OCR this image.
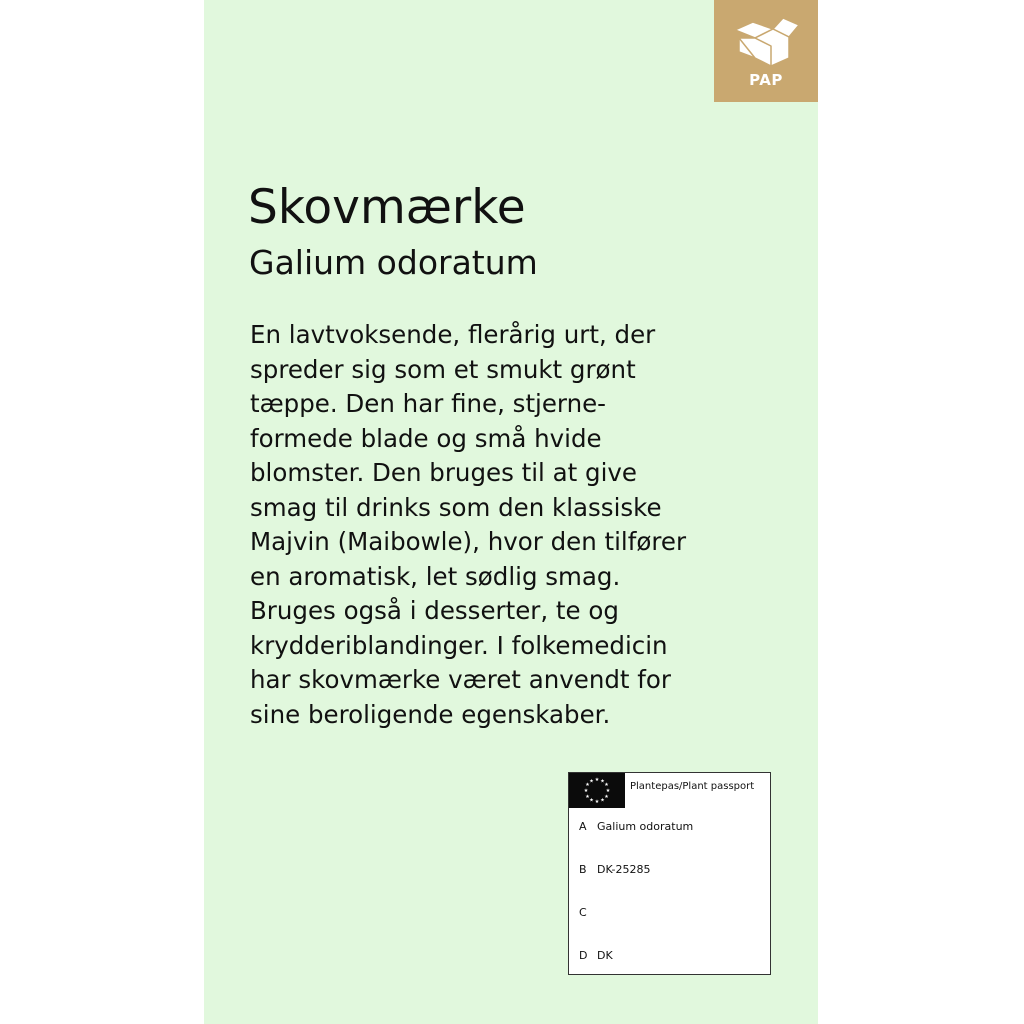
PAP
Skovmærke
Galium odoratum
En lavtvoksende, flerårig urt, der
spreder sig som et smukt grønt
tæppe. Den har fine, stjerne-
formede blade og små hvide
blomster. Den bruges til at give
smag til drinks som den klassiske
Majvin (Maibowle), hvor den tilfører
en aromatisk, let sødlig smag.
Bruges også i desserter, te og
krydderiblandinger. I folkemedicin
har skovmærke været anvendt for
sine beroligende egenskaber.
★ ★
★
★
★
★
★
★
★
★
★
★	Plantepas/Plant passport
A Galium odoratum
B DK-25285
C
D DK
